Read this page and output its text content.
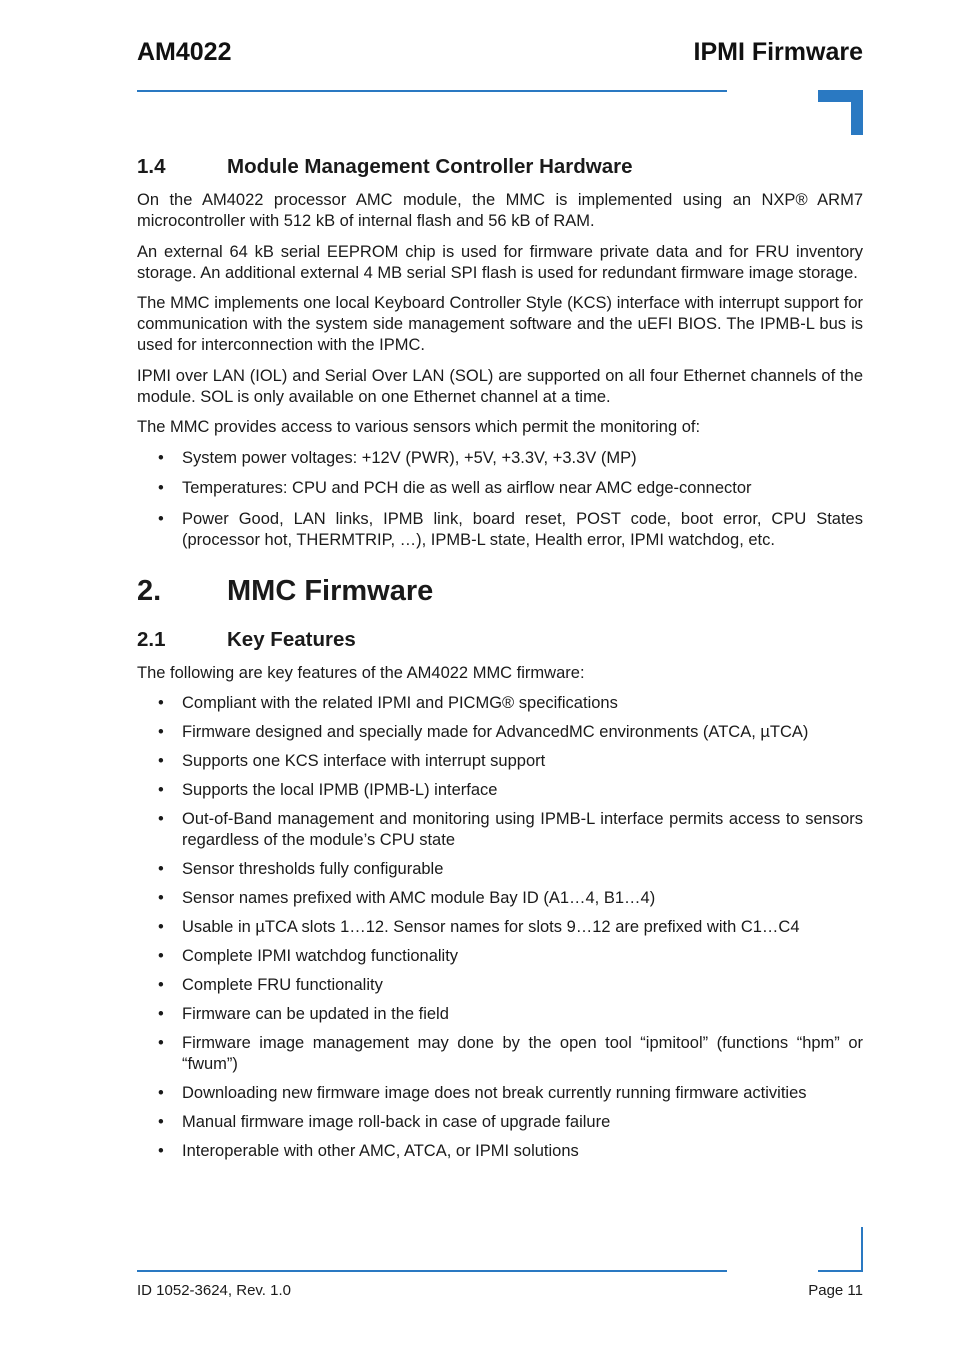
AM4022	IPMI Firmware
1.4	Module Management Controller Hardware

On the AM4022 processor AMC module, the MMC is implemented using an NXP® ARM7 microcontroller with 512 kB of internal flash and 56 kB of RAM.

An external 64 kB serial EEPROM chip is used for firmware private data and for FRU inventory storage. An additional external 4 MB serial SPI flash is used for redundant firmware image storage.

The MMC implements one local Keyboard Controller Style (KCS) interface with interrupt support for communication with the system side management software and the uEFI BIOS. The IPMB-L bus is used for interconnection with the IPMC.

IPMI over LAN (IOL) and Serial Over LAN (SOL) are supported on all four Ethernet channels of the module. SOL is only available on one Ethernet channel at a time.

The MMC provides access to various sensors which permit the monitoring of:

• System power voltages: +12V (PWR), +5V, +3.3V, +3.3V (MP)
• Temperatures: CPU and PCH die as well as airflow near AMC edge-connector
• Power Good, LAN links, IPMB link, board reset, POST code, boot error, CPU States (processor hot, THERMTRIP, …), IPMB-L state, Health error, IPMI watchdog, etc.
2.	MMC Firmware
2.1	Key Features

The following are key features of the AM4022 MMC firmware:

• Compliant with the related IPMI and PICMG® specifications
• Firmware designed and specially made for AdvancedMC environments (ATCA, µTCA)
• Supports one KCS interface with interrupt support
• Supports the local IPMB (IPMB-L) interface
• Out-of-Band management and monitoring using IPMB-L interface permits access to sensors regardless of the module’s CPU state
• Sensor thresholds fully configurable
• Sensor names prefixed with AMC module Bay ID (A1…4, B1…4)
• Usable in µTCA slots 1…12. Sensor names for slots 9…12 are prefixed with C1…C4
• Complete IPMI watchdog functionality
• Complete FRU functionality
• Firmware can be updated in the field
• Firmware image management may done by the open tool “ipmitool” (functions “hpm” or “fwum”)
• Downloading new firmware image does not break currently running firmware activities
• Manual firmware image roll-back in case of upgrade failure
• Interoperable with other AMC, ATCA, or IPMI solutions
ID 1052-3624, Rev. 1.0	Page 11
